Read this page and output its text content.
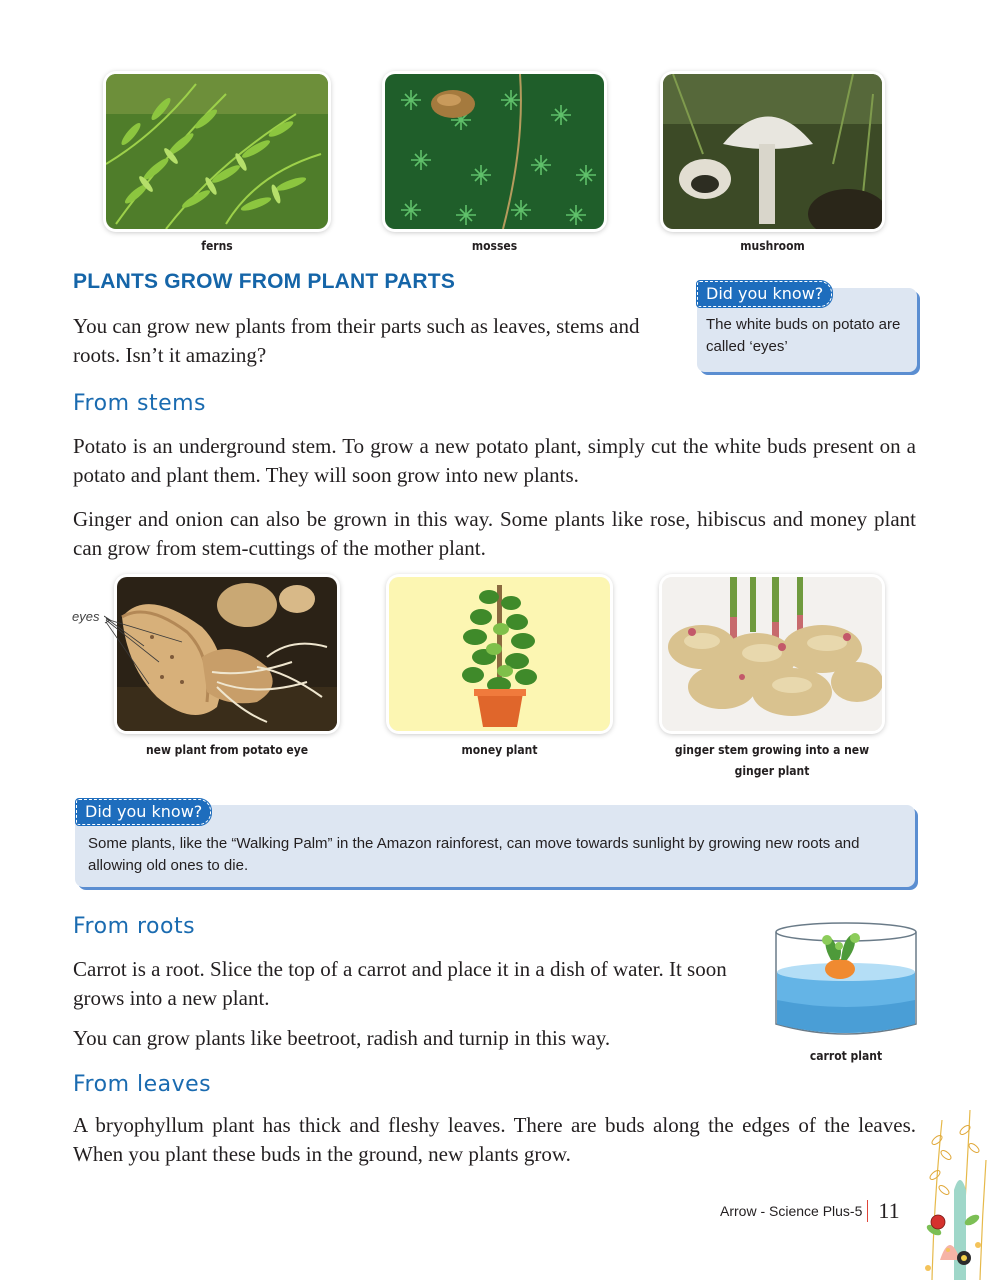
ferns	mosses	mushroom
PLANTS GROW FROM PLANT PARTS
You can grow new plants from their parts such as leaves, stems and roots. Isn’t it amazing?
Did you know?
The white buds on potato are called ‘eyes’
From stems
Potato is an underground stem. To grow a new potato plant, simply cut the white buds present on a potato and plant them. They will soon grow into new plants.
Ginger and onion can also be grown in this way. Some plants like rose, hibiscus and money plant can grow from stem-cuttings of the mother plant.
eyes
new plant from potato eye	money plant	ginger stem growing into a new
ginger plant
Did you know?
Some plants, like the “Walking Palm” in the Amazon rainforest, can move towards sunlight by growing new roots and allowing old ones to die.
From roots
Carrot is a root. Slice the top of a carrot and place it in a dish of water. It soon grows into a new plant.
You can grow plants like beetroot, radish and turnip in this way.
carrot plant
From leaves
A bryophyllum plant has thick and fleshy leaves. There are buds along the edges of the leaves. When you plant these buds in the ground, new plants grow.
Arrow - Science Plus-5 11
